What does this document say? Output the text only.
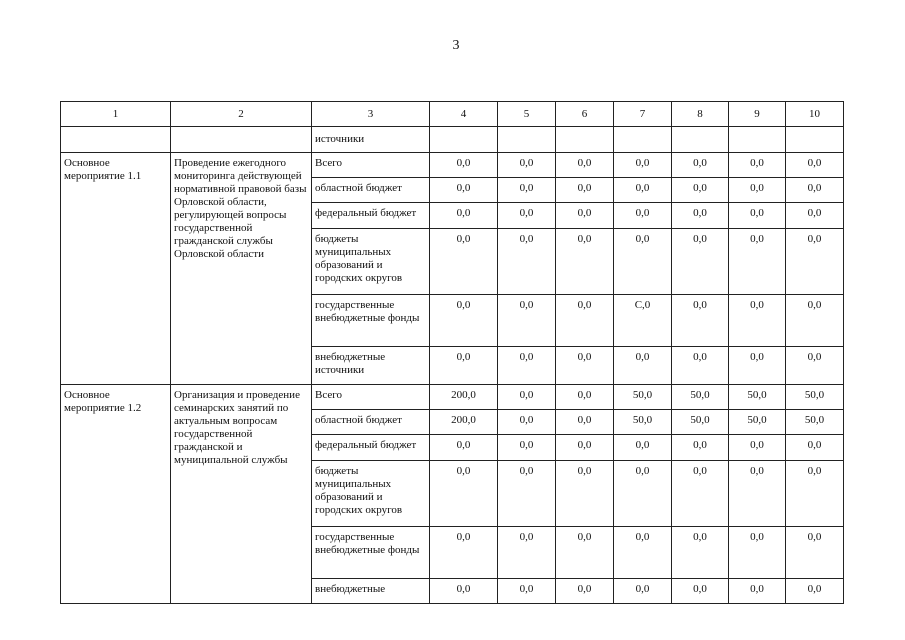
3
1	2	3	4	5	6	7	8	9	10
		источники							
Основное мероприятие 1.1	Проведение ежегодного мониторинга действующей нормативной правовой базы Орловской области, регулирующей вопросы государственной гражданской службы Орловской области	Всего	0,0	0,0	0,0	0,0	0,0	0,0	0,0
		областной бюджет	0,0	0,0	0,0	0,0	0,0	0,0	0,0
		федеральный бюджет	0,0	0,0	0,0	0,0	0,0	0,0	0,0
		бюджеты муниципальных образований и городских округов	0,0	0,0	0,0	0,0	0,0	0,0	0,0
		государственные внебюджетные фонды	0,0	0,0	0,0	С,0	0,0	0,0	0,0
		внебюджетные источники	0,0	0,0	0,0	0,0	0,0	0,0	0,0
Основное мероприятие 1.2	Организация и проведение семинарских занятий по актуальным вопросам государственной гражданской и муниципальной службы	Всего	200,0	0,0	0,0	50,0	50,0	50,0	50,0
		областной бюджет	200,0	0,0	0,0	50,0	50,0	50,0	50,0
		федеральный бюджет	0,0	0,0	0,0	0,0	0,0	0,0	0,0
		бюджеты муниципальных образований и городских округов	0,0	0,0	0,0	0,0	0,0	0,0	0,0
		государственные внебюджетные фонды	0,0	0,0	0,0	0,0	0,0	0,0	0,0
		внебюджетные	0,0	0,0	0,0	0,0	0,0	0,0	0,0
